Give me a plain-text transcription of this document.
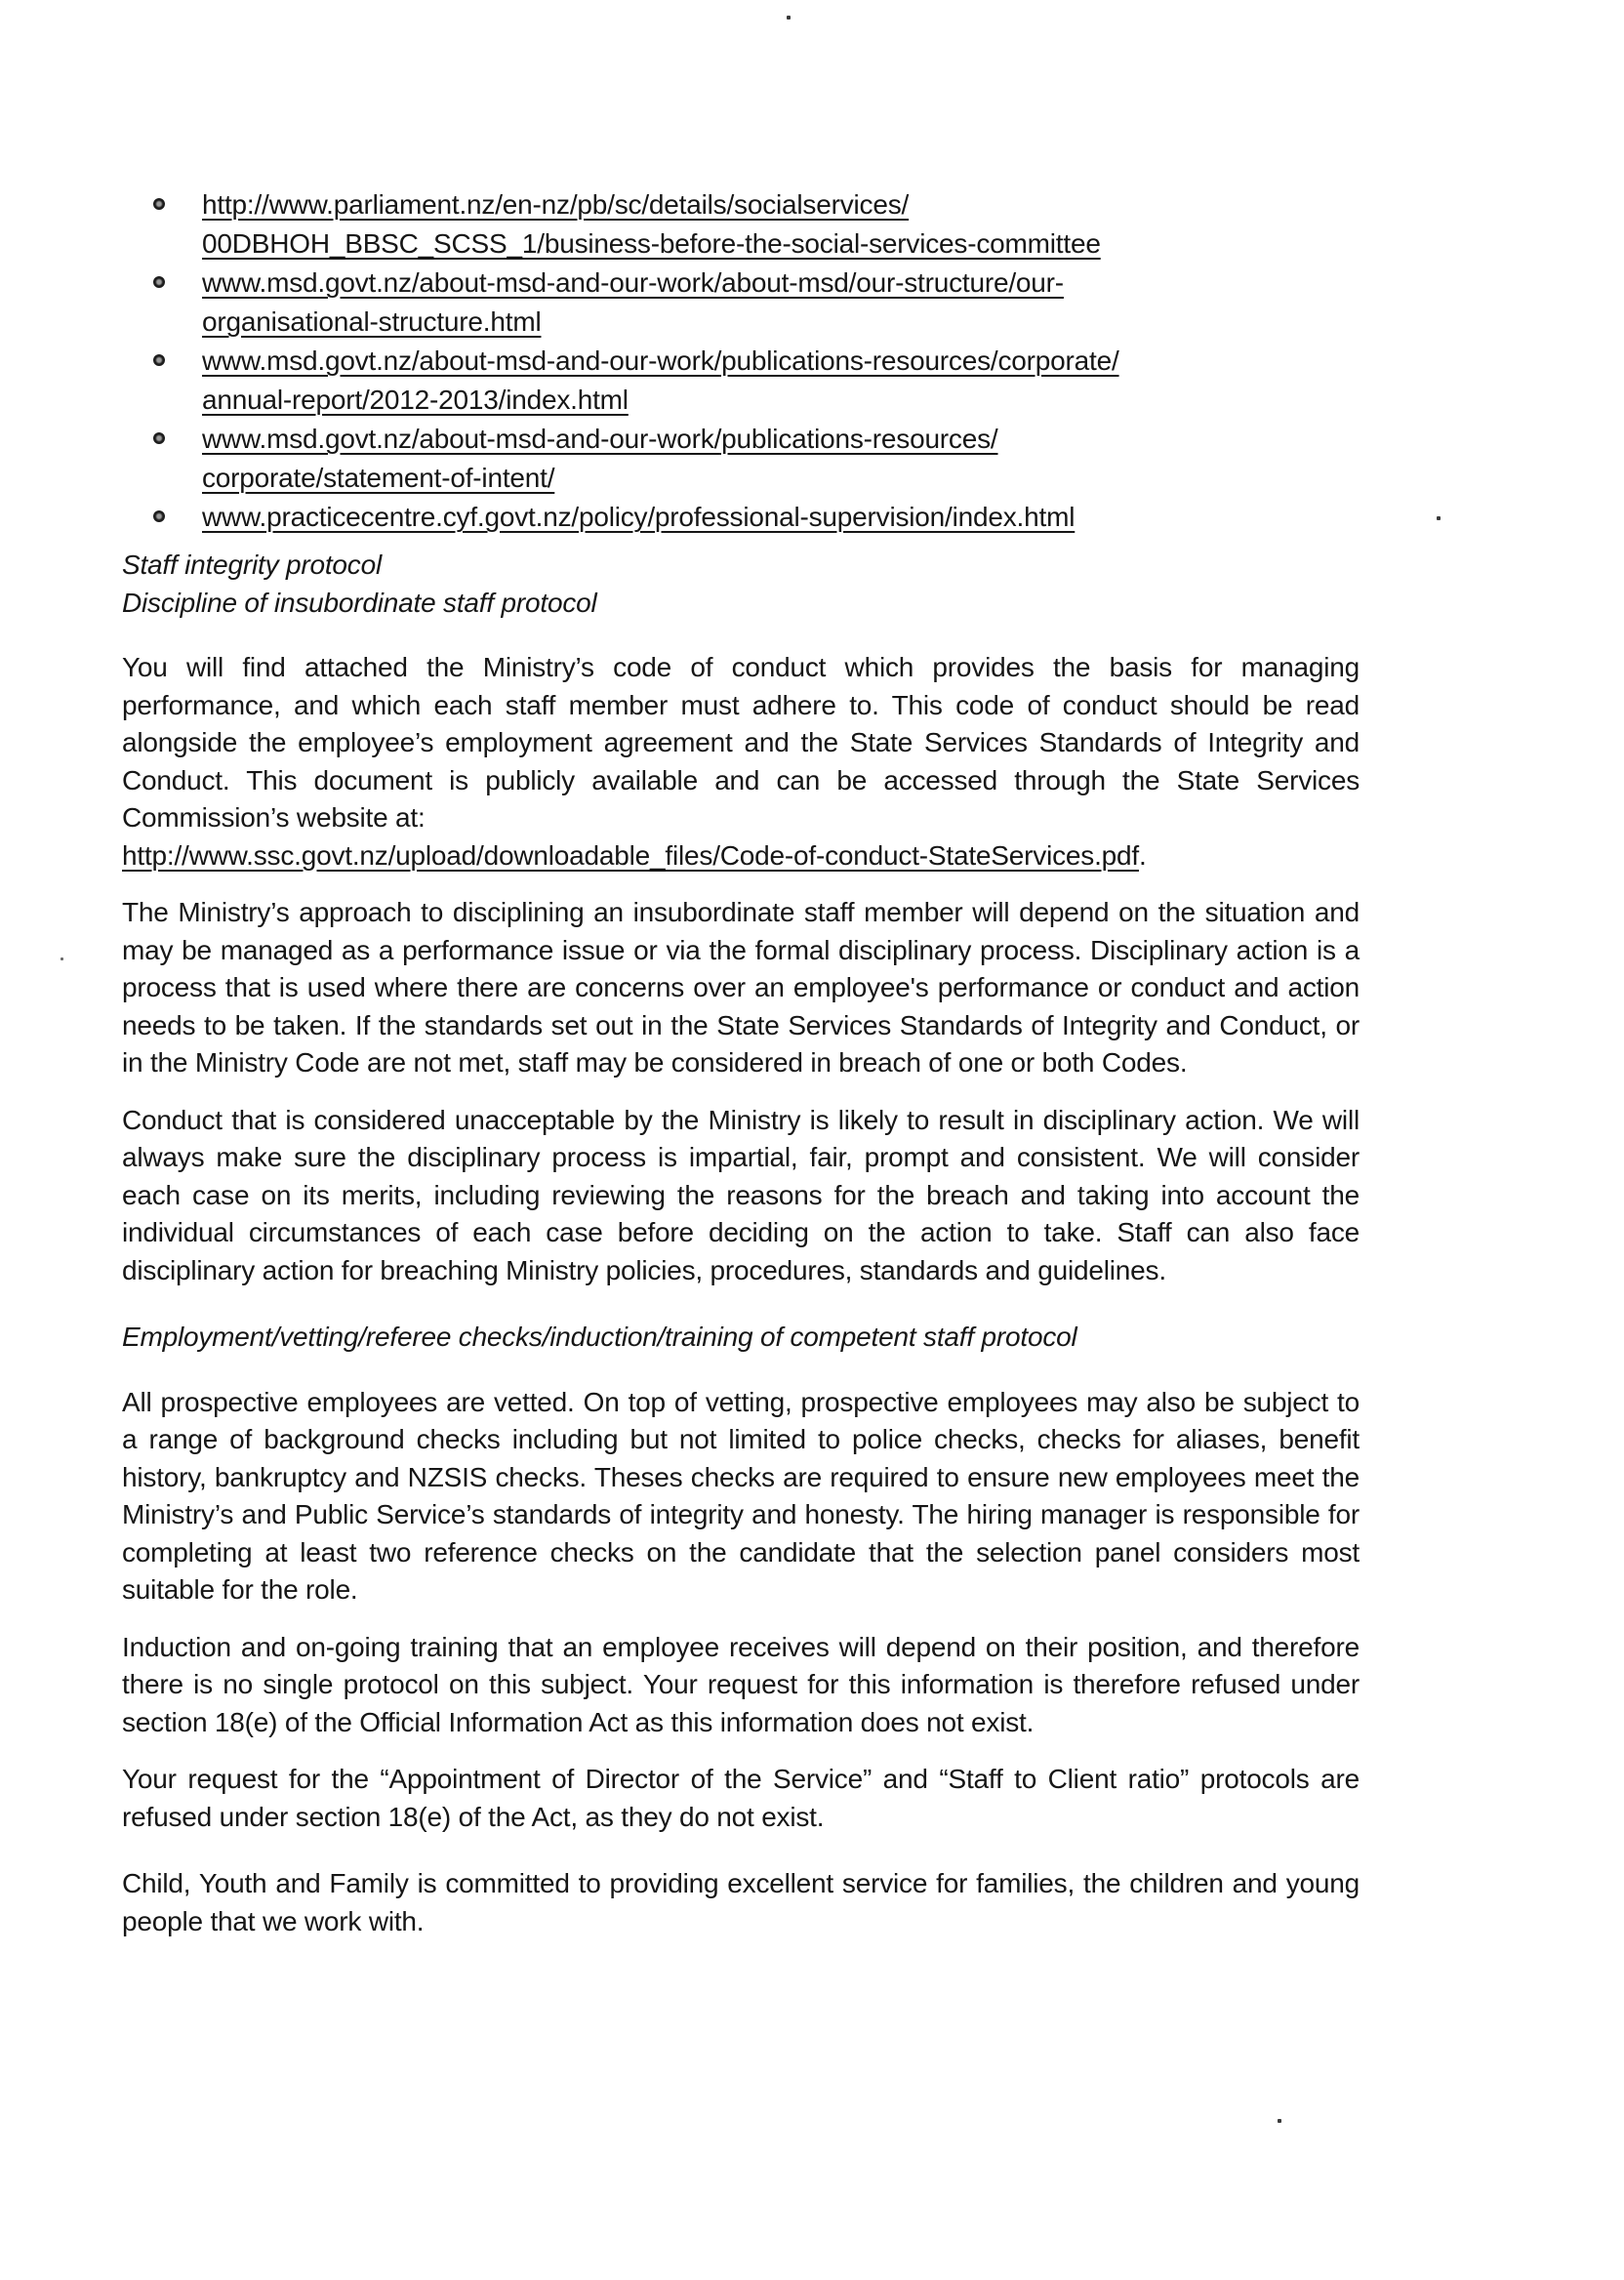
http://www.parliament.nz/en-nz/pb/sc/details/socialservices/
00DBHOH_BBSC_SCSS_1/business-before-the-social-services-committee
www.msd.govt.nz/about-msd-and-our-work/about-msd/our-structure/our-
organisational-structure.html
www.msd.govt.nz/about-msd-and-our-work/publications-resources/corporate/
annual-report/2012-2013/index.html
www.msd.govt.nz/about-msd-and-our-work/publications-resources/
corporate/statement-of-intent/
www.practicecentre.cyf.govt.nz/policy/professional-supervision/index.html

Staff integrity protocol

Discipline of insubordinate staff protocol

You will find attached the Ministry’s code of conduct which provides the basis for managing performance, and which each staff member must adhere to. This code of conduct should be read alongside the employee’s employment agreement and the State Services Standards of Integrity and Conduct. This document is publicly available and can be accessed through the State Services Commission’s website at:

http://www.ssc.govt.nz/upload/downloadable_files/Code-of-conduct-StateServices.pdf.

The Ministry’s approach to disciplining an insubordinate staff member will depend on the situation and may be managed as a performance issue or via the formal disciplinary process. Disciplinary action is a process that is used where there are concerns over an employee's performance or conduct and action needs to be taken. If the standards set out in the State Services Standards of Integrity and Conduct, or in the Ministry Code are not met, staff may be considered in breach of one or both Codes.

Conduct that is considered unacceptable by the Ministry is likely to result in disciplinary action. We will always make sure the disciplinary process is impartial, fair, prompt and consistent. We will consider each case on its merits, including reviewing the reasons for the breach and taking into account the individual circumstances of each case before deciding on the action to take. Staff can also face disciplinary action for breaching Ministry policies, procedures, standards and guidelines.

Employment/vetting/referee checks/induction/training of competent staff protocol

All prospective employees are vetted. On top of vetting, prospective employees may also be subject to a range of background checks including but not limited to police checks, checks for aliases, benefit history, bankruptcy and NZSIS checks. Theses checks are required to ensure new employees meet the Ministry’s and Public Service’s standards of integrity and honesty. The hiring manager is responsible for completing at least two reference checks on the candidate that the selection panel considers most suitable for the role.

Induction and on-going training that an employee receives will depend on their position, and therefore there is no single protocol on this subject. Your request for this information is therefore refused under section 18(e) of the Official Information Act as this information does not exist.

Your request for the “Appointment of Director of the Service” and “Staff to Client ratio” protocols are refused under section 18(e) of the Act, as they do not exist.

Child, Youth and Family is committed to providing excellent service for families, the children and young people that we work with.
